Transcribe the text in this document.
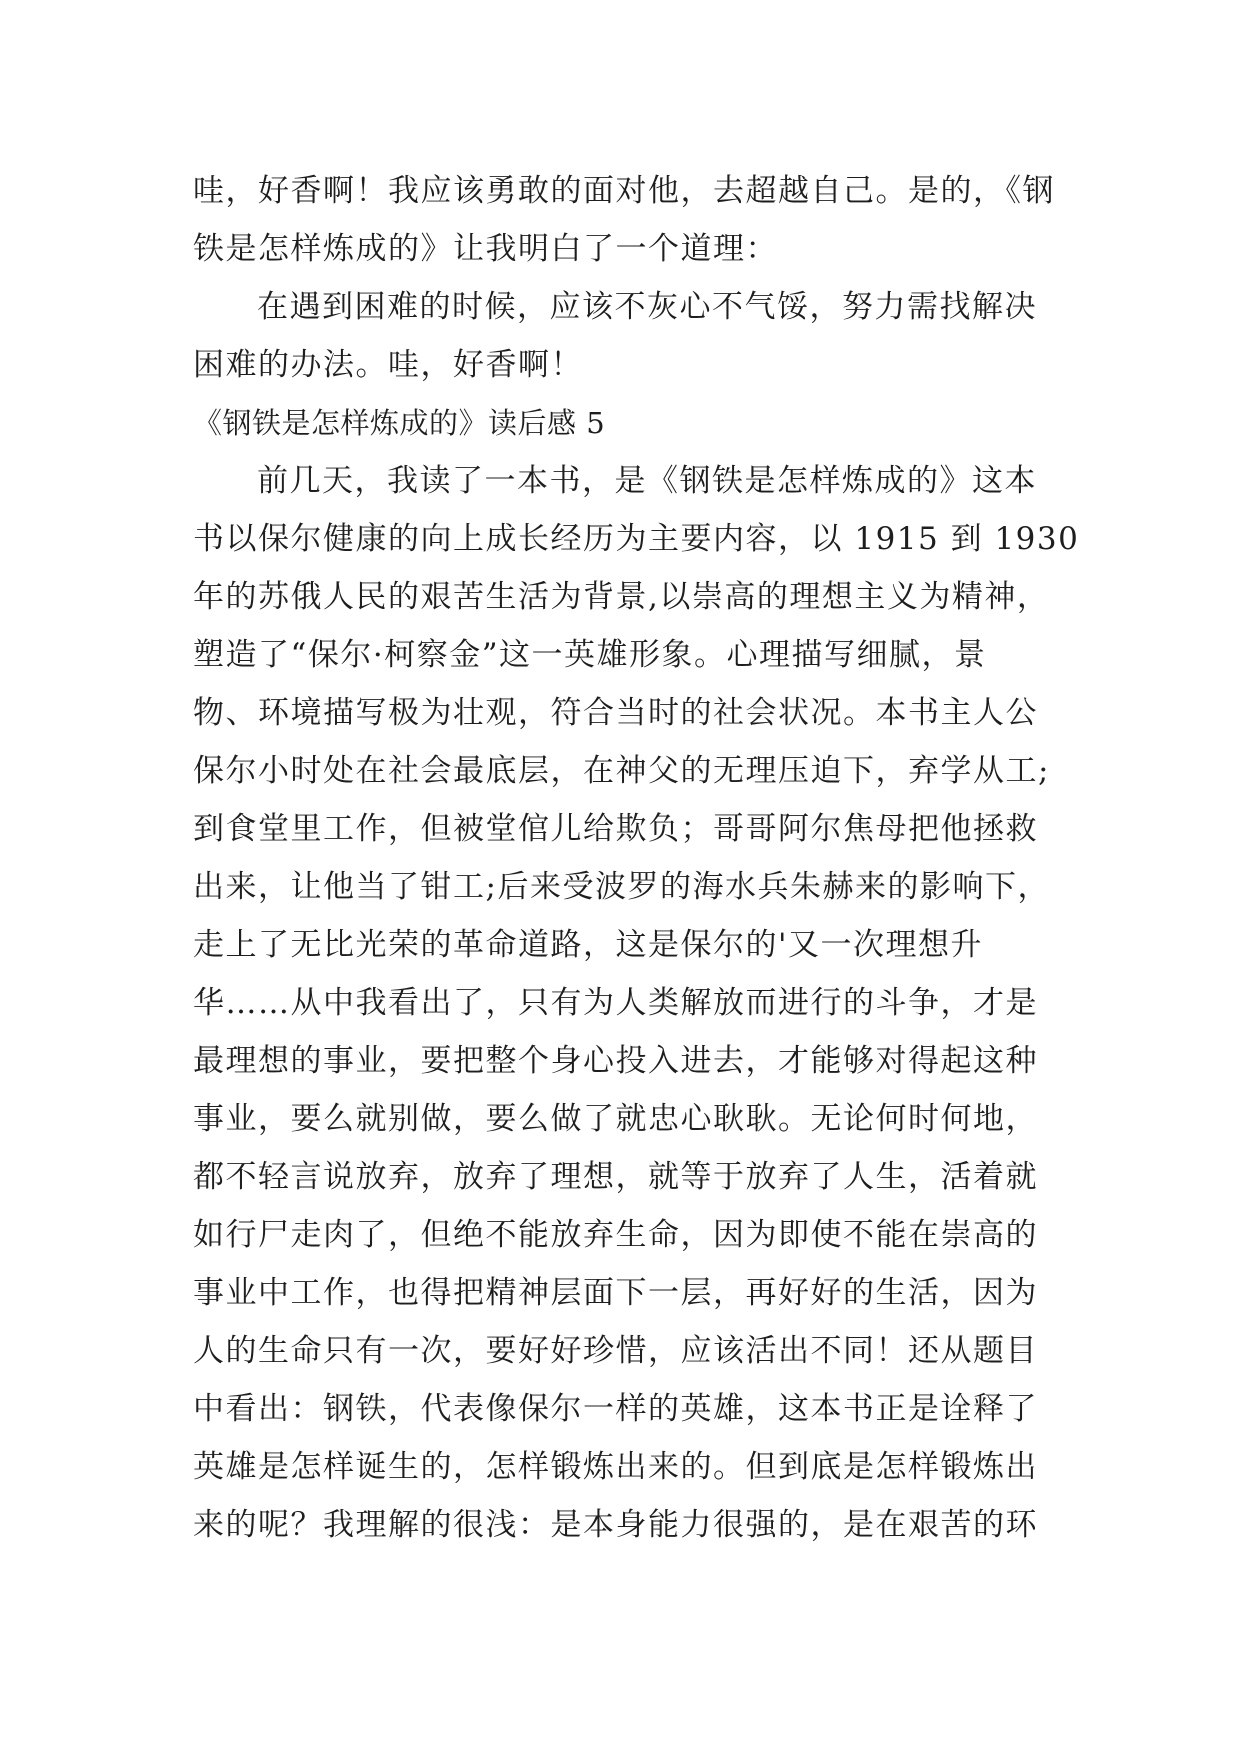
哇，好香啊！我应该勇敢的面对他，去超越自己。是的，《钢
铁是怎样炼成的》让我明白了一个道理：
在遇到困难的时候，应该不灰心不气馁，努力需找解决
困难的办法。哇，好香啊！
《钢铁是怎样炼成的》读后感 5
前几天，我读了一本书，是《钢铁是怎样炼成的》这本
书以保尔健康的向上成长经历为主要内容，以 1915 到 1930
年的苏俄人民的艰苦生活为背景,以崇高的理想主义为精神，
塑造了“保尔·柯察金”这一英雄形象。心理描写细腻，景
物、环境描写极为壮观，符合当时的社会状况。本书主人公
保尔小时处在社会最底层，在神父的无理压迫下，弃学从工;
到食堂里工作，但被堂倌儿给欺负；哥哥阿尔焦母把他拯救
出来，让他当了钳工;后来受波罗的海水兵朱赫来的影响下，
走上了无比光荣的革命道路，这是保尔的'又一次理想升
华……从中我看出了，只有为人类解放而进行的斗争，才是
最理想的事业，要把整个身心投入进去，才能够对得起这种
事业，要么就别做，要么做了就忠心耿耿。无论何时何地，
都不轻言说放弃，放弃了理想，就等于放弃了人生，活着就
如行尸走肉了，但绝不能放弃生命，因为即使不能在崇高的
事业中工作，也得把精神层面下一层，再好好的生活，因为
人的生命只有一次，要好好珍惜，应该活出不同！还从题目
中看出：钢铁，代表像保尔一样的英雄，这本书正是诠释了
英雄是怎样诞生的，怎样锻炼出来的。但到底是怎样锻炼出
来的呢？我理解的很浅：是本身能力很强的，是在艰苦的环
